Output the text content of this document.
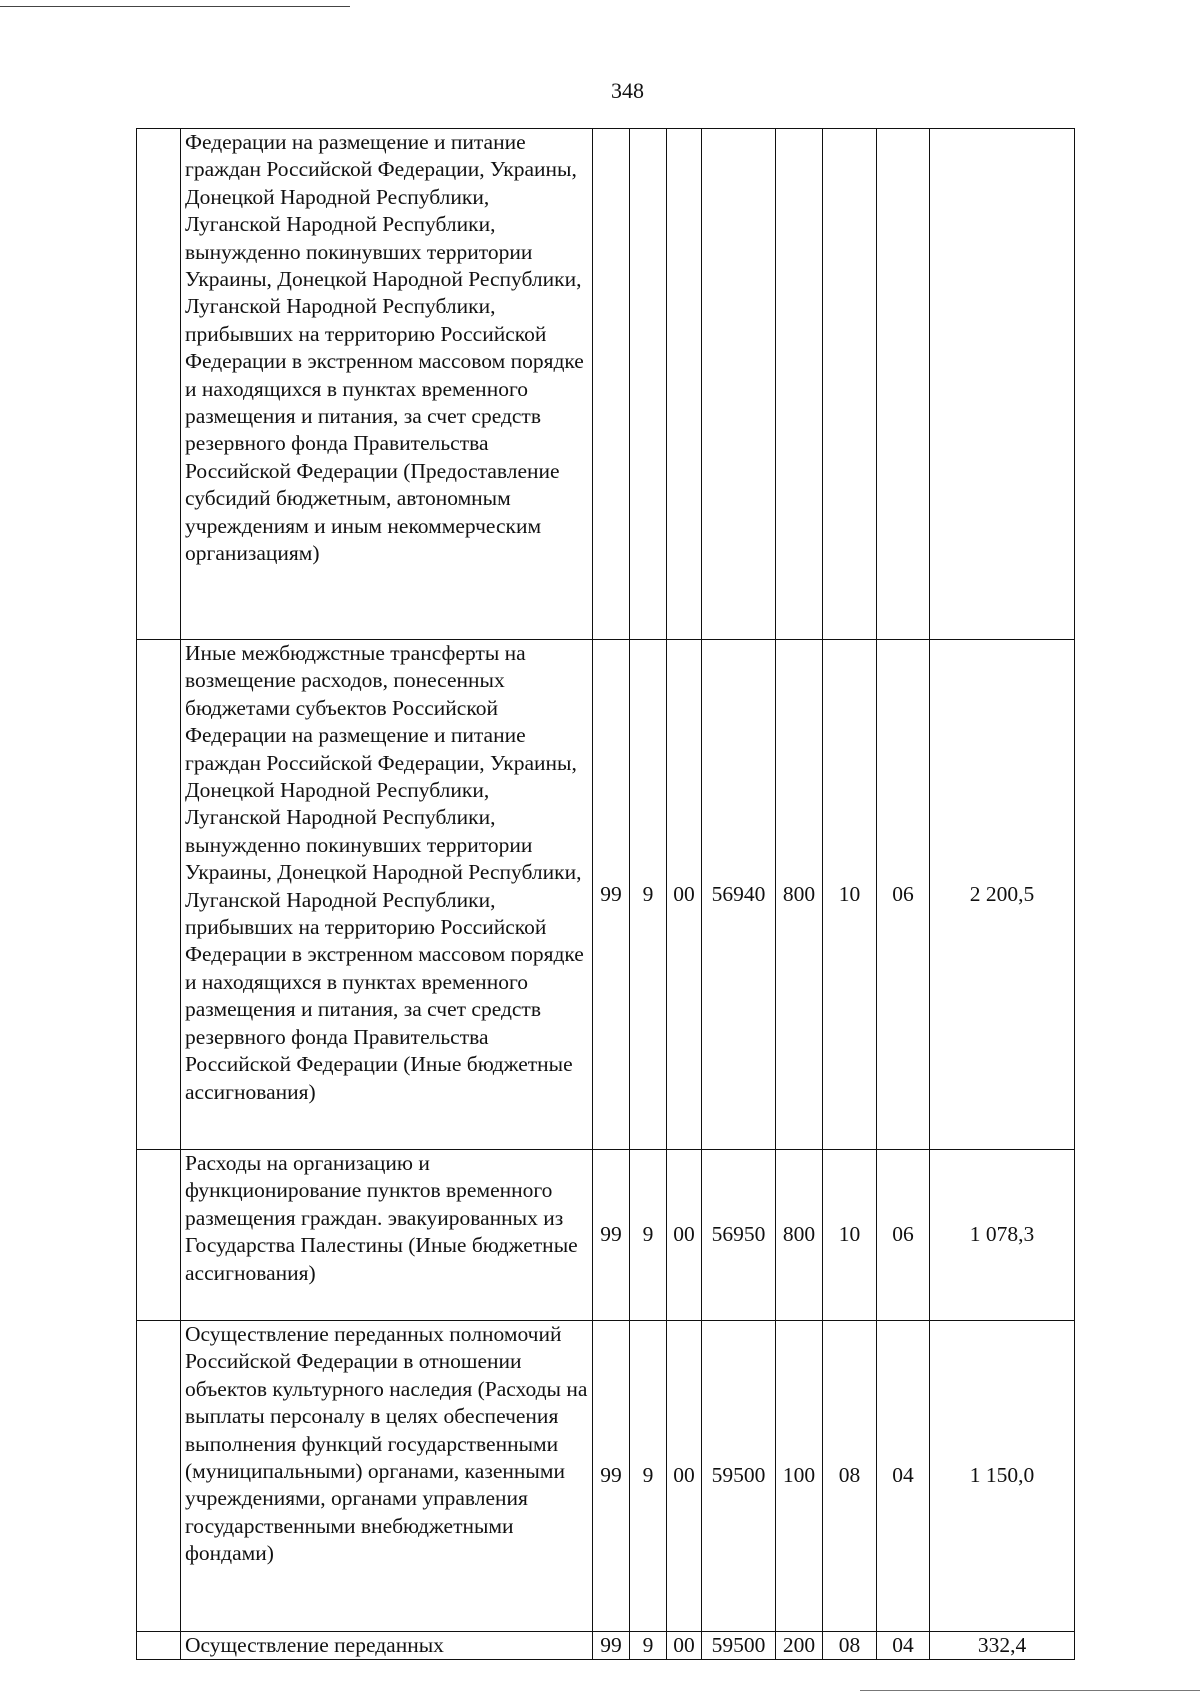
348
	Федерации на размещение и питание граждан Российской Федерации, Украины, Донецкой Народной Республики, Луганской Народной Республики, вынужденно покинувших территории Украины, Донецкой Народной Республики, Луганской Народной Республики, прибывших на территорию Российской Федерации в экстренном массовом порядке и находящихся в пунктах временного размещения и питания, за счет средств резервного фонда Правительства Российской Федерации (Предоставление субсидий бюджетным, автономным учреждениям и иным некоммерческим организациям)								
	Иные межбюджстные трансферты на возмещение расходов, понесенных бюджетами субъектов Российской Федерации на размещение и питание граждан Российской Федерации, Украины, Донецкой Народной Республики, Луганской Народной Республики, вынужденно покинувших территории Украины, Донецкой Народной Республики, Луганской Народной Республики, прибывших на территорию Российской Федерации в экстренном массовом порядке и находящихся в пунктах временного размещения и питания, за счет средств резервного фонда Правительства Российской Федерации (Иные бюджетные ассигнования)	99	9	00	56940	800	10	06	2 200,5
	Расходы на организацию и функционирование пунктов временного размещения граждан. эвакуированных из Государства Палестины (Иные бюджетные ассигнования)	99	9	00	56950	800	10	06	1 078,3
	Осуществление переданных полномочий Российской Федерации в отношении объектов культурного наследия (Расходы на выплаты персоналу в целях обеспечения выполнения функций государственными (муниципальными) органами, казенными учреждениями, органами управления государственными внебюджетными фондами)	99	9	00	59500	100	08	04	1 150,0
	Осуществление переданных	99	9	00	59500	200	08	04	332,4
